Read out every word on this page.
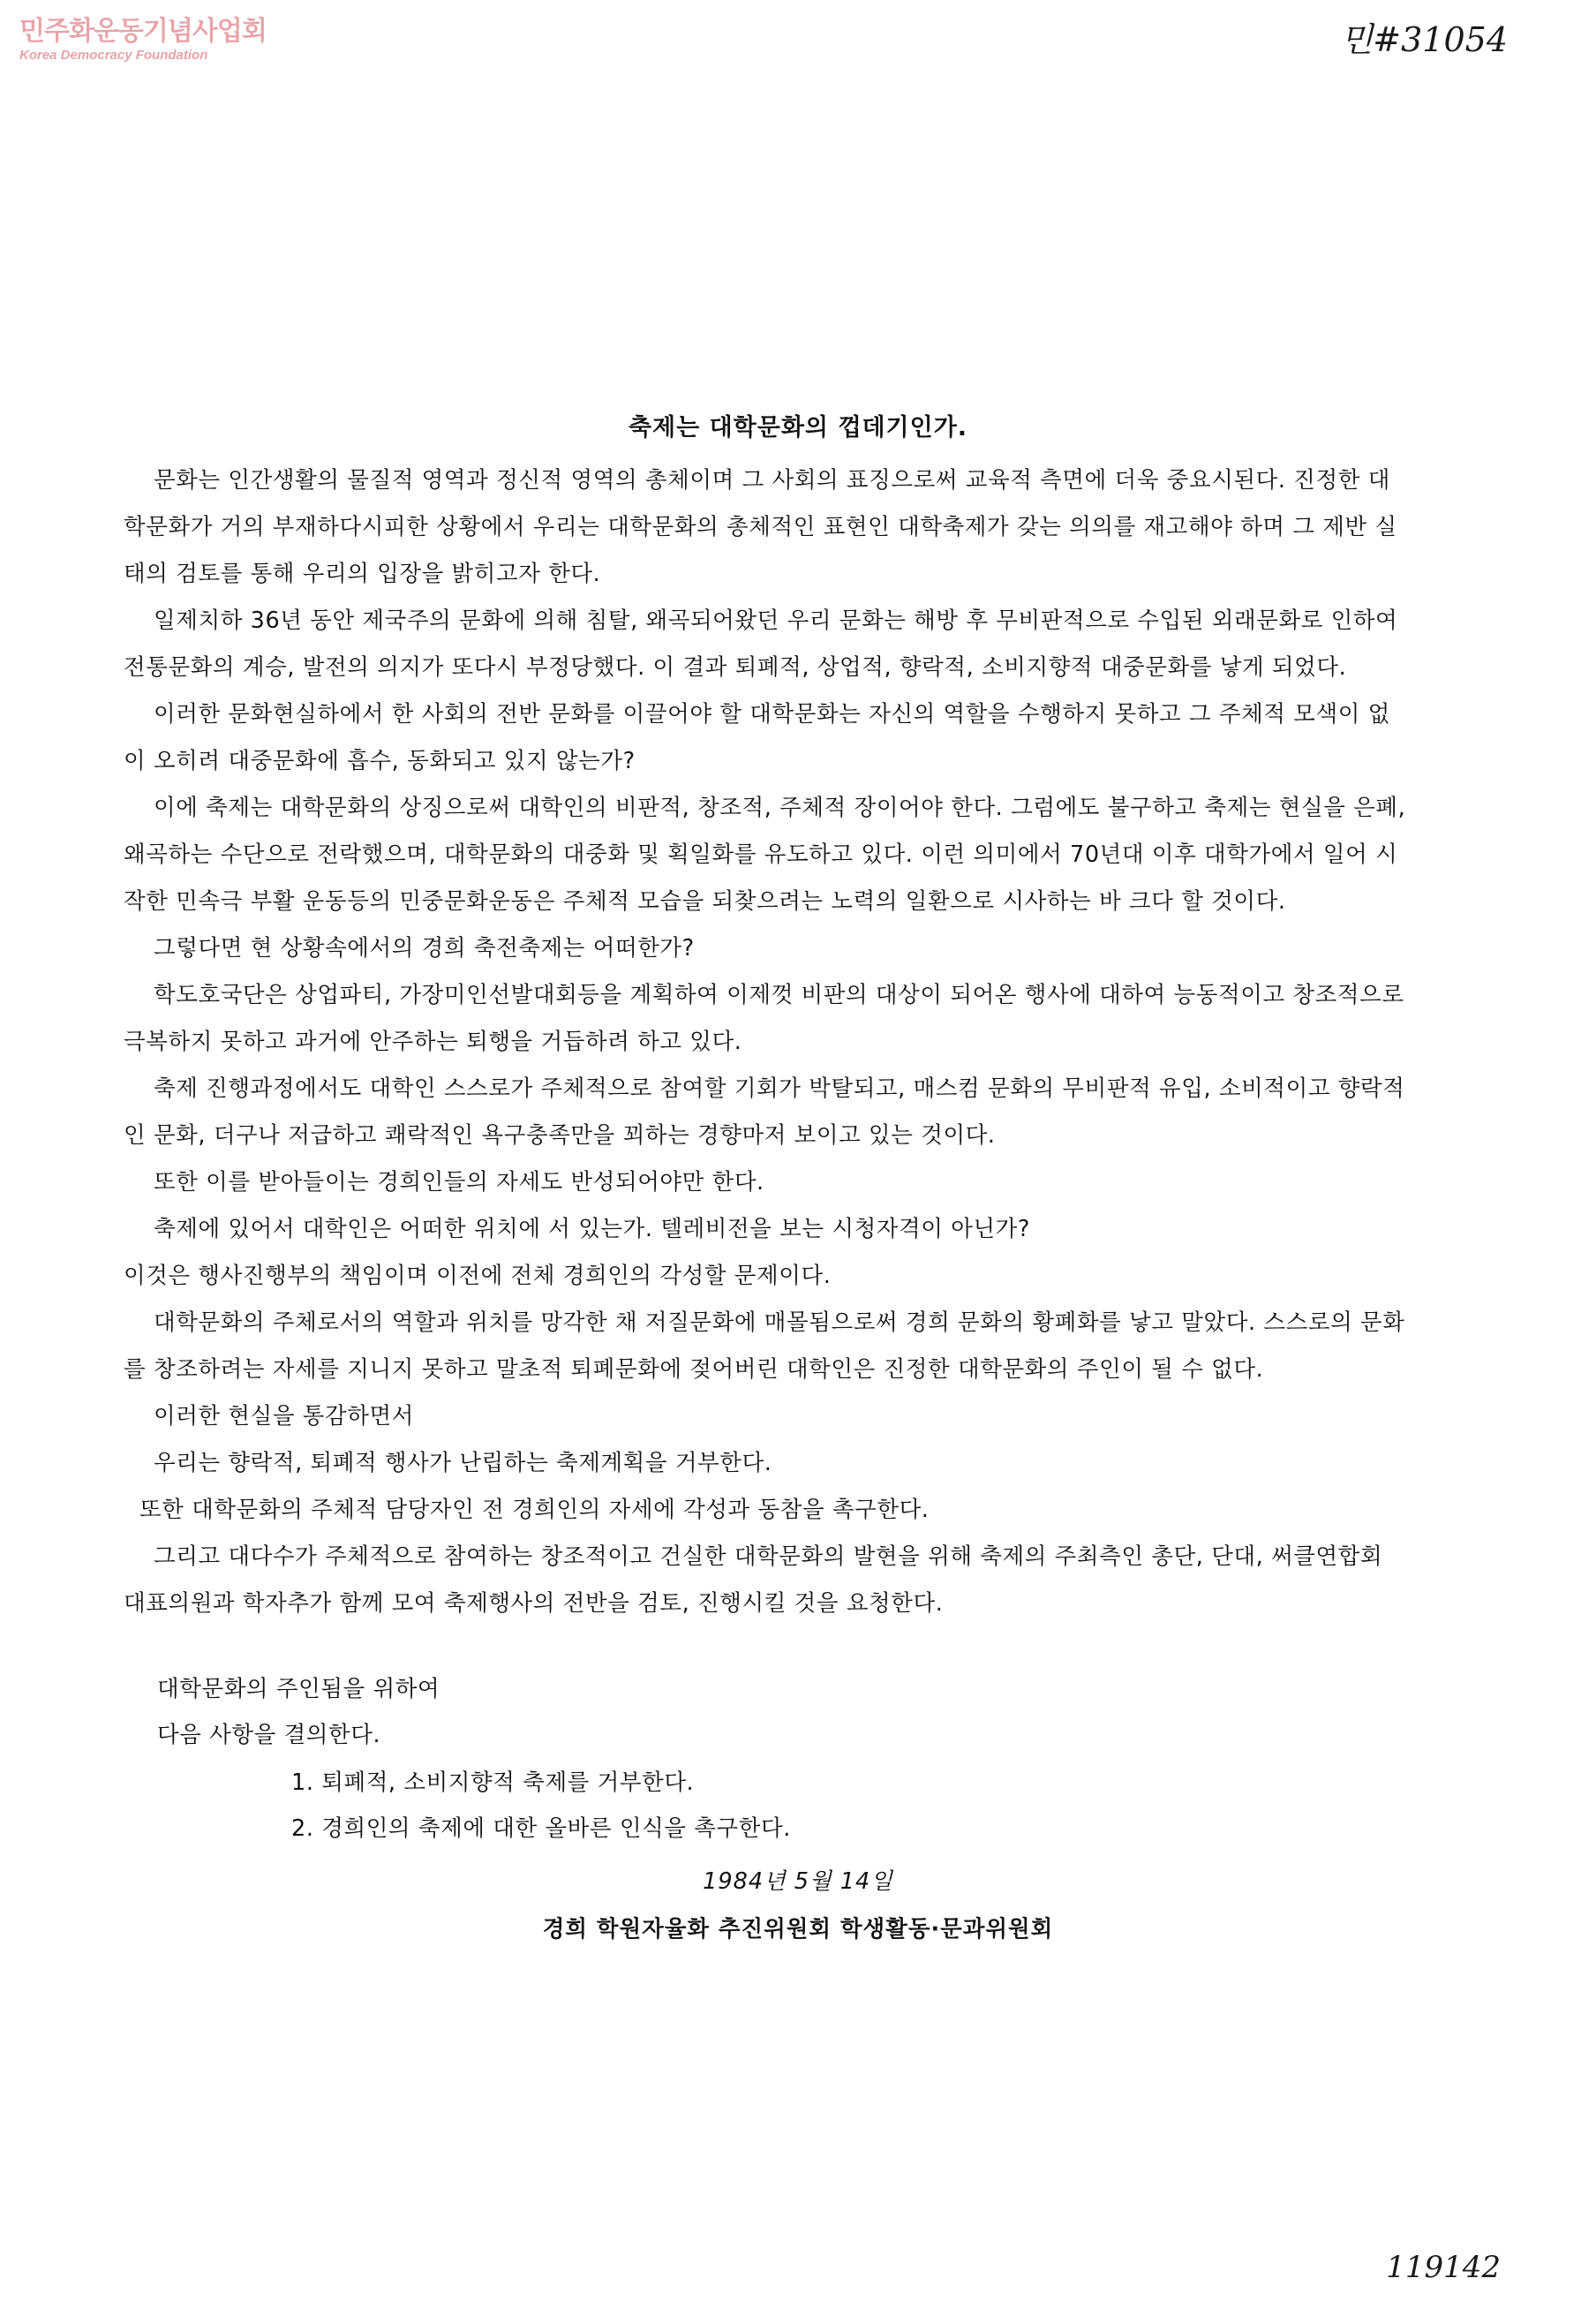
민주화운동기념사업회
Korea Democracy Foundation	민#31054
축제는 대학문화의 껍데기인가.

문화는 인간생활의 물질적 영역과 정신적 영역의 총체이며 그 사회의 표징으로써 교육적 측면에 더욱 중요시된다. 진정한 대학문화가 거의 부재하다시피한 상황에서 우리는 대학문화의 총체적인 표현인 대학축제가 갖는 의의를 재고해야 하며 그 제반 실태의 검토를 통해 우리의 입장을 밝히고자 한다.

일제치하 36년 동안 제국주의 문화에 의해 침탈, 왜곡되어왔던 우리 문화는 해방 후 무비판적으로 수입된 외래문화로 인하여 전통문화의 계승, 발전의 의지가 또다시 부정당했다. 이 결과 퇴폐적, 상업적, 향락적, 소비지향적 대중문화를 낳게 되었다.

이러한 문화현실하에서 한 사회의 전반 문화를 이끌어야 할 대학문화는 자신의 역할을 수행하지 못하고 그 주체적 모색이 없이 오히려 대중문화에 흡수, 동화되고 있지 않는가?

이에 축제는 대학문화의 상징으로써 대학인의 비판적, 창조적, 주체적 장이어야 한다. 그럼에도 불구하고 축제는 현실을 은폐, 왜곡하는 수단으로 전락했으며, 대학문화의 대중화 및 획일화를 유도하고 있다. 이런 의미에서 70년대 이후 대학가에서 일어 시작한 민속극 부활 운동등의 민중문화운동은 주체적 모습을 되찾으려는 노력의 일환으로 시사하는 바 크다 할 것이다.

그렇다면 현 상황속에서의 경희 축전축제는 어떠한가?

학도호국단은 상업파티, 가장미인선발대회등을 계획하여 이제껏 비판의 대상이 되어온 행사에 대하여 능동적이고 창조적으로 극복하지 못하고 과거에 안주하는 퇴행을 거듭하려 하고 있다.

축제 진행과정에서도 대학인 스스로가 주체적으로 참여할 기회가 박탈되고, 매스컴 문화의 무비판적 유입, 소비적이고 향락적인 문화, 더구나 저급하고 쾌락적인 욕구충족만을 꾀하는 경향마저 보이고 있는 것이다.

또한 이를 받아들이는 경희인들의 자세도 반성되어야만 한다.

축제에 있어서 대학인은 어떠한 위치에 서 있는가. 텔레비전을 보는 시청자격이 아닌가?

이것은 행사진행부의 책임이며 이전에 전체 경희인의 각성할 문제이다.

대학문화의 주체로서의 역할과 위치를 망각한 채 저질문화에 매몰됨으로써 경희 문화의 황폐화를 낳고 말았다. 스스로의 문화를 창조하려는 자세를 지니지 못하고 말초적 퇴폐문화에 젖어버린 대학인은 진정한 대학문화의 주인이 될 수 없다.

이러한 현실을 통감하면서

우리는 향락적, 퇴폐적 행사가 난립하는 축제계획을 거부한다.

또한 대학문화의 주체적 담당자인 전 경희인의 자세에 각성과 동참을 촉구한다.

그리고 대다수가 주체적으로 참여하는 창조적이고 건실한 대학문화의 발현을 위해 축제의 주최측인 총단, 단대, 써클연합회 대표의원과 학자추가 함께 모여 축제행사의 전반을 검토, 진행시킬 것을 요청한다.

대학문화의 주인됨을 위하여

다음 사항을 결의한다.

1. 퇴폐적, 소비지향적 축제를 거부한다.

2. 경희인의 축제에 대한 올바른 인식을 촉구한다.

1984년 5월 14일
경희 학원자율화 추진위원회 학생활동·문과위원회
119142
